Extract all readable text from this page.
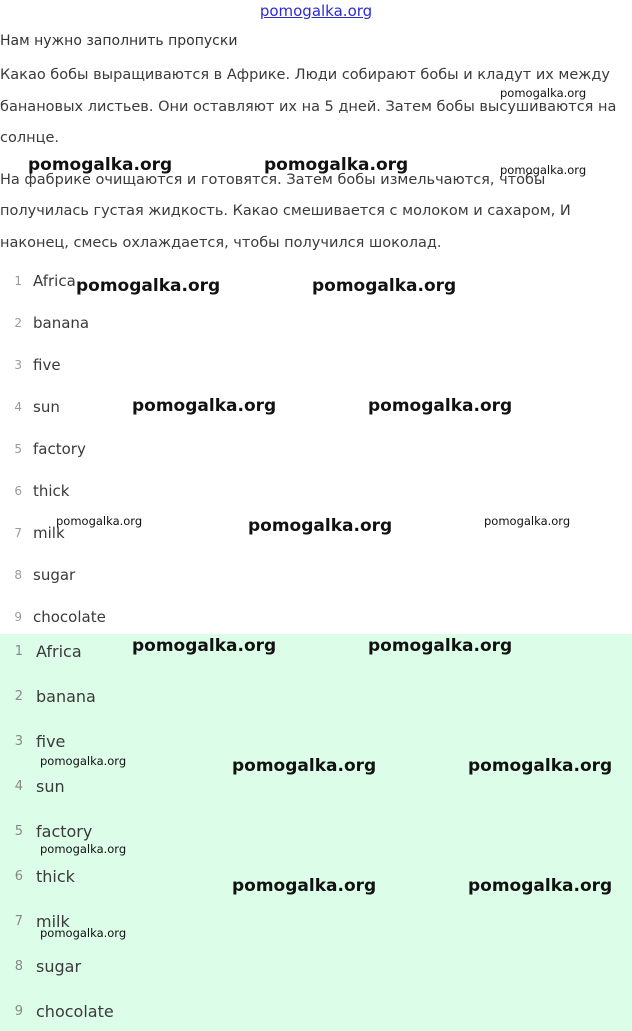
pomogalka.org
Нам нужно заполнить пропуски

Какао бобы выращиваются в Африке. Люди собирают бобы и кладут их между банановых листьев. Они оставляют их на 5 дней. Затем бобы высушиваются на солнце.

На фабрике очищаются и готовятся. Затем бобы измельчаются, чтобы получилась густая жидкость. Какао смешивается с молоком и сахаром, И наконец, смесь охлаждается, чтобы получился шоколад.

1 Africa
2 banana
3 five
4 sun
5 factory
6 thick
7 milk
8 sugar
9 chocolate
1 Africa
2 banana
3 five
4 sun
5 factory
6 thick
7 milk
8 sugar
9 chocolate
pomogalka.org
pomogalka.org	pomogalka.org	pomogalka.org
pomogalka.org	pomogalka.org
pomogalka.org	pomogalka.org
pomogalka.org	pomogalka.org	pomogalka.org
pomogalka.org	pomogalka.org
pomogalka.org	pomogalka.org	pomogalka.org
pomogalka.org
pomogalka.org	pomogalka.org
pomogalka.org
